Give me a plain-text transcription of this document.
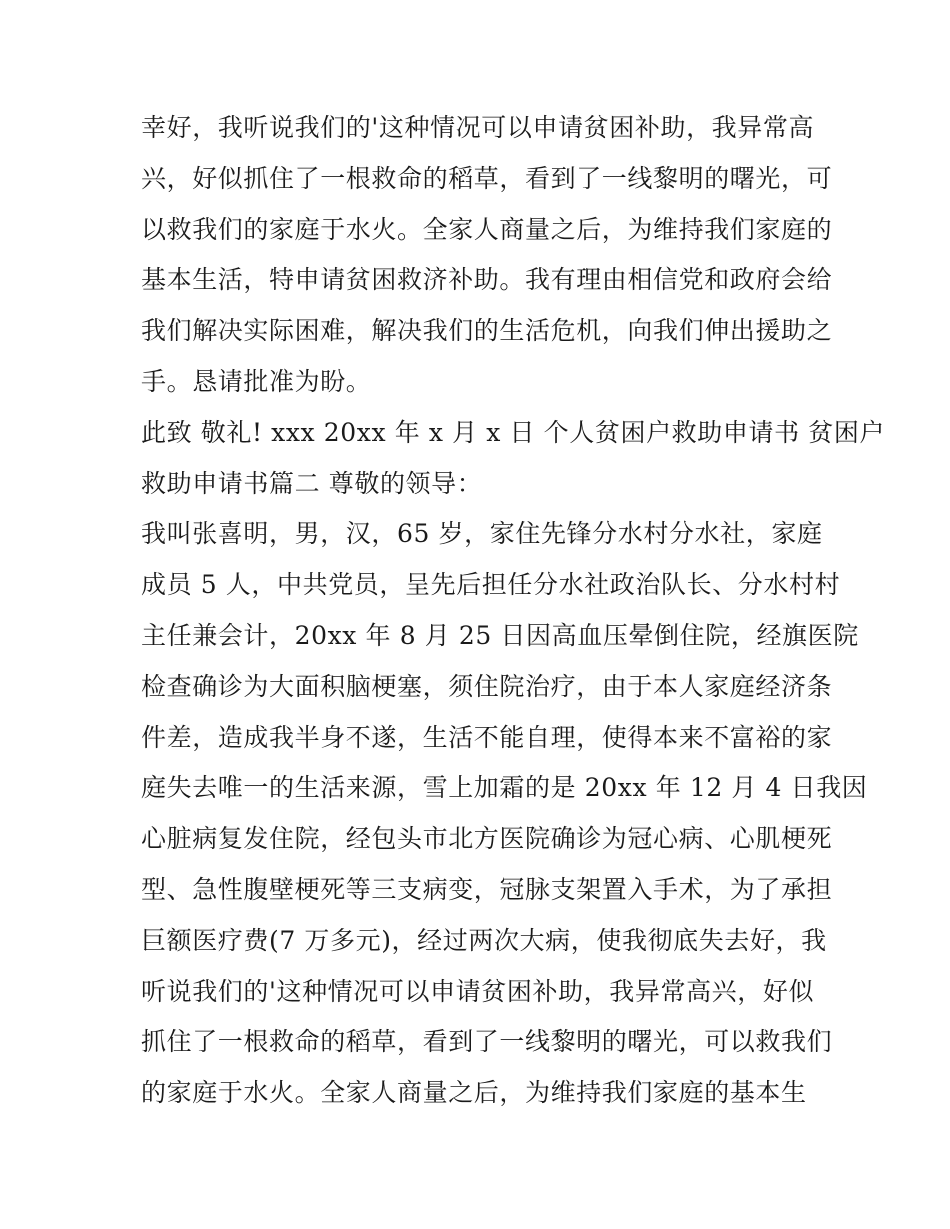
幸好，我听说我们的'这种情况可以申请贫困补助，我异常高
兴，好似抓住了一根救命的稻草，看到了一线黎明的曙光，可
以救我们的家庭于水火。全家人商量之后，为维持我们家庭的
基本生活，特申请贫困救济补助。我有理由相信党和政府会给
我们解决实际困难，解决我们的生活危机，向我们伸出援助之
手。恳请批准为盼。
此致 敬礼! xxx 20xx 年 x 月 x 日 个人贫困户救助申请书 贫困户
救助申请书篇二 尊敬的领导：
我叫张喜明，男，汉，65 岁，家住先锋分水村分水社，家庭
成员 5 人，中共党员，呈先后担任分水社政治队长、分水村村
主任兼会计，20xx 年 8 月 25 日因高血压晕倒住院，经旗医院
检查确诊为大面积脑梗塞，须住院治疗，由于本人家庭经济条
件差，造成我半身不遂，生活不能自理，使得本来不富裕的家
庭失去唯一的生活来源，雪上加霜的是 20xx 年 12 月 4 日我因
心脏病复发住院，经包头市北方医院确诊为冠心病、心肌梗死
型、急性腹壁梗死等三支病变，冠脉支架置入手术，为了承担
巨额医疗费(7 万多元)，经过两次大病，使我彻底失去好，我
听说我们的'这种情况可以申请贫困补助，我异常高兴，好似
抓住了一根救命的稻草，看到了一线黎明的曙光，可以救我们
的家庭于水火。全家人商量之后，为维持我们家庭的基本生
